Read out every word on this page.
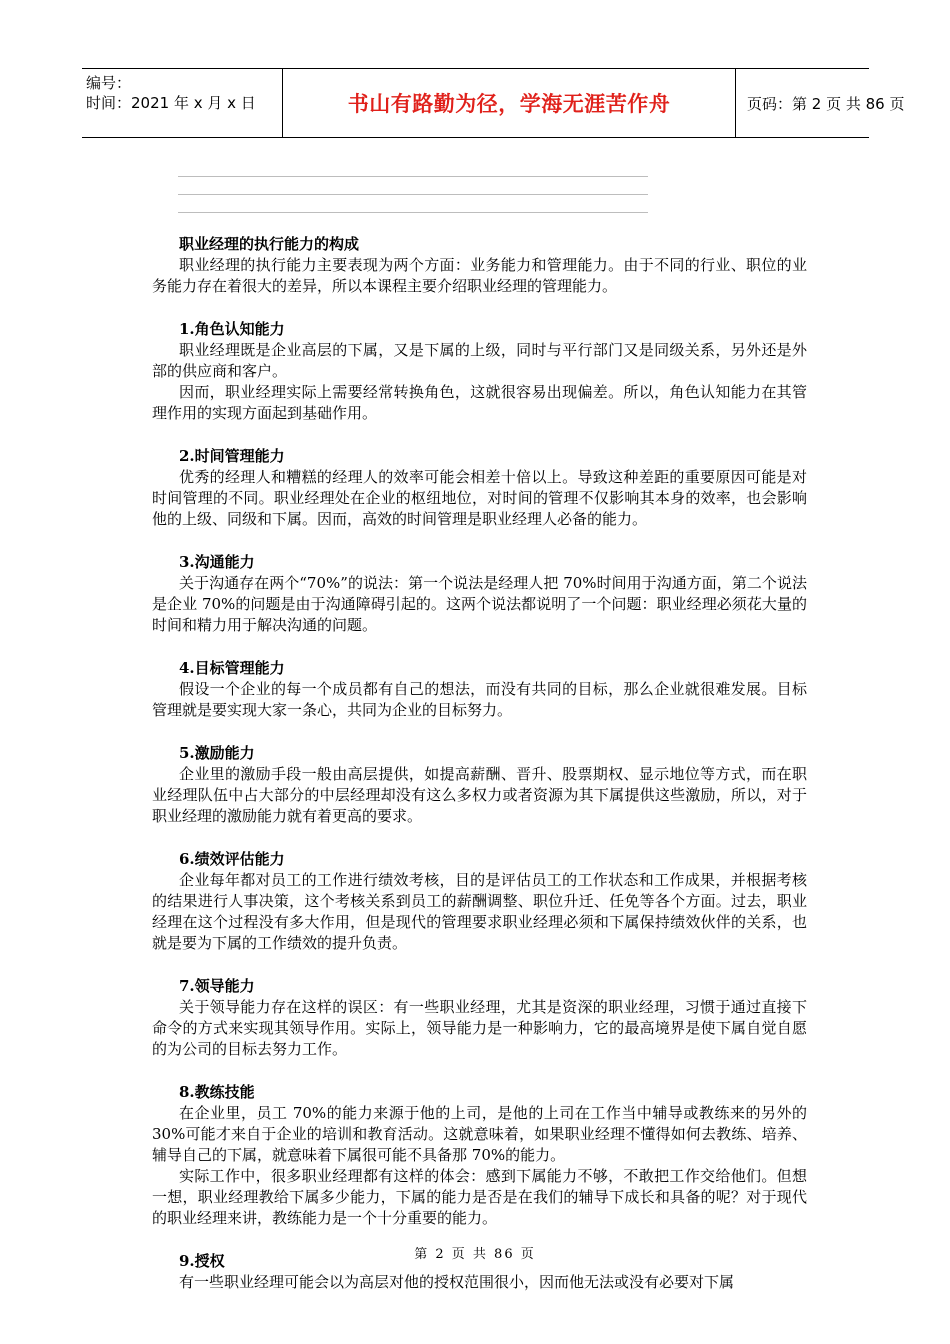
编号：
时间：2021 年 x 月 x 日	书山有路勤为径，学海无涯苦作舟	页码：第 2 页 共 86 页

职业经理的执行能力的构成

职业经理的执行能力主要表现为两个方面：业务能力和管理能力。由于不同的行业、职位的业务能力存在着很大的差异，所以本课程主要介绍职业经理的管理能力。

1.角色认知能力

职业经理既是企业高层的下属，又是下属的上级，同时与平行部门又是同级关系，另外还是外部的供应商和客户。

因而，职业经理实际上需要经常转换角色，这就很容易出现偏差。所以，角色认知能力在其管理作用的实现方面起到基础作用。

2.时间管理能力

优秀的经理人和糟糕的经理人的效率可能会相差十倍以上。导致这种差距的重要原因可能是对时间管理的不同。职业经理处在企业的枢纽地位，对时间的管理不仅影响其本身的效率，也会影响他的上级、同级和下属。因而，高效的时间管理是职业经理人必备的能力。

3.沟通能力

关于沟通存在两个“70%”的说法：第一个说法是经理人把 70%时间用于沟通方面，第二个说法是企业 70%的问题是由于沟通障碍引起的。这两个说法都说明了一个问题：职业经理必须花大量的时间和精力用于解决沟通的问题。

4.目标管理能力

假设一个企业的每一个成员都有自己的想法，而没有共同的目标，那么企业就很难发展。目标管理就是要实现大家一条心，共同为企业的目标努力。

5.激励能力

企业里的激励手段一般由高层提供，如提高薪酬、晋升、股票期权、显示地位等方式，而在职业经理队伍中占大部分的中层经理却没有这么多权力或者资源为其下属提供这些激励，所以，对于职业经理的激励能力就有着更高的要求。

6.绩效评估能力

企业每年都对员工的工作进行绩效考核，目的是评估员工的工作状态和工作成果，并根据考核的结果进行人事决策，这个考核关系到员工的薪酬调整、职位升迁、任免等各个方面。过去，职业经理在这个过程没有多大作用，但是现代的管理要求职业经理必须和下属保持绩效伙伴的关系，也就是要为下属的工作绩效的提升负责。

7.领导能力

关于领导能力存在这样的误区：有一些职业经理，尤其是资深的职业经理，习惯于通过直接下命令的方式来实现其领导作用。实际上，领导能力是一种影响力，它的最高境界是使下属自觉自愿的为公司的目标去努力工作。

8.教练技能

在企业里，员工 70%的能力来源于他的上司，是他的上司在工作当中辅导或教练来的另外的 30%可能才来自于企业的培训和教育活动。这就意味着，如果职业经理不懂得如何去教练、培养、辅导自己的下属，就意味着下属很可能不具备那 70%的能力。

实际工作中，很多职业经理都有这样的体会：感到下属能力不够，不敢把工作交给他们。但想一想，职业经理教给下属多少能力，下属的能力是否是在我们的辅导下成长和具备的呢？对于现代的职业经理来讲，教练能力是一个十分重要的能力。

9.授权

有一些职业经理可能会以为高层对他的授权范围很小，因而他无法或没有必要对下属

第 2 页 共 86 页
